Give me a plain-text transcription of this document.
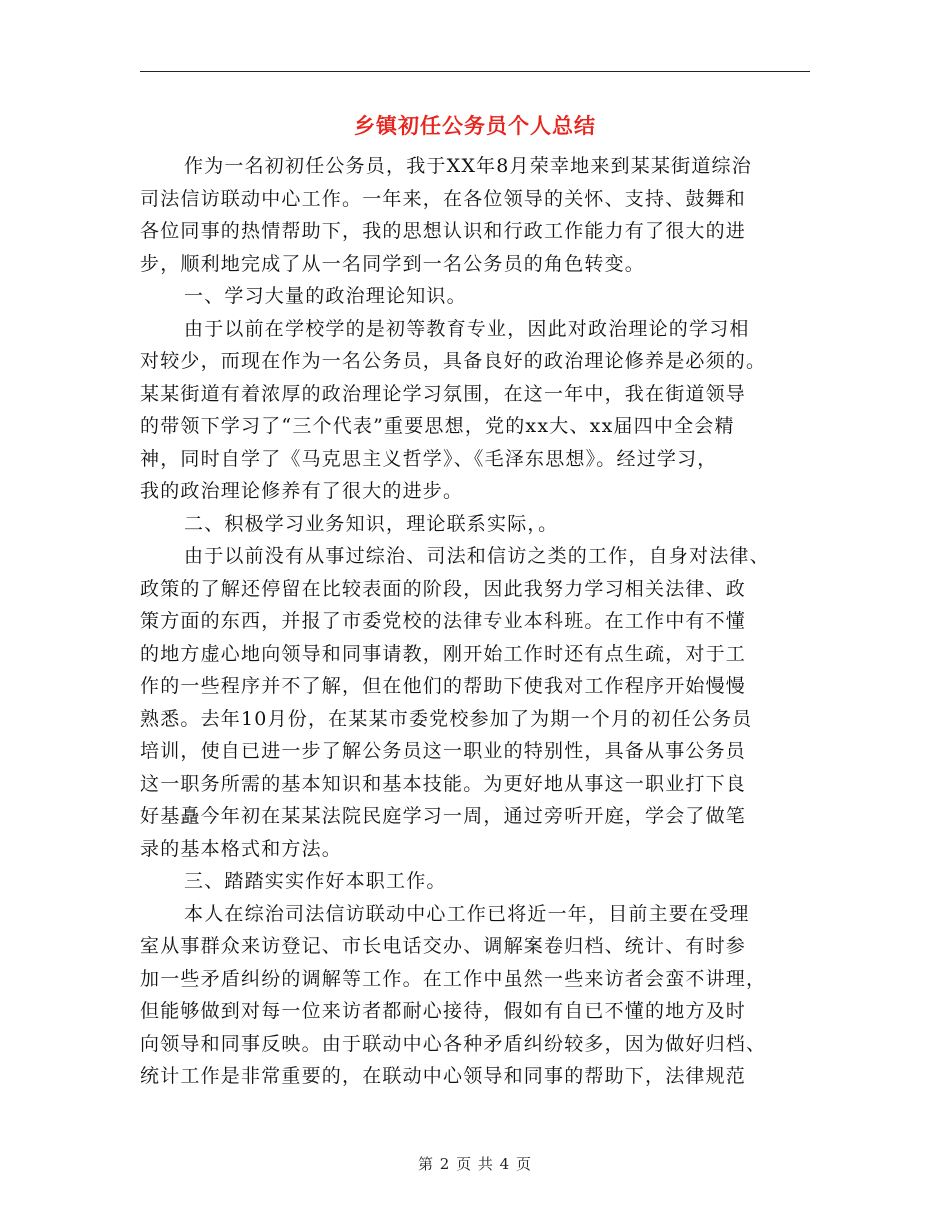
乡镇初任公务员个人总结
作为一名初初任公务员，我于XX年8月荣幸地来到某某街道综治
司法信访联动中心工作。一年来，在各位领导的关怀、支持、鼓舞和
各位同事的热情帮助下，我的思想认识和行政工作能力有了很大的进
步，顺利地完成了从一名同学到一名公务员的角色转变。
一、学习大量的政治理论知识。
由于以前在学校学的是初等教育专业，因此对政治理论的学习相
对较少，而现在作为一名公务员，具备良好的政治理论修养是必须的。
某某街道有着浓厚的政治理论学习氛围，在这一年中，我在街道领导
的带领下学习了“三个代表”重要思想，党的xx大、xx届四中全会精
神，同时自学了《马克思主义哲学》、《毛泽东思想》。经过学习，
我的政治理论修养有了很大的进步。
二、积极学习业务知识，理论联系实际，。
由于以前没有从事过综治、司法和信访之类的工作，自身对法律、
政策的了解还停留在比较表面的阶段，因此我努力学习相关法律、政
策方面的东西，并报了市委党校的法律专业本科班。在工作中有不懂
的地方虚心地向领导和同事请教，刚开始工作时还有点生疏，对于工
作的一些程序并不了解，但在他们的帮助下使我对工作程序开始慢慢
熟悉。去年10月份，在某某市委党校参加了为期一个月的初任公务员
培训，使自已进一步了解公务员这一职业的特别性，具备从事公务员
这一职务所需的基本知识和基本技能。为更好地从事这一职业打下良
好基矗今年初在某某法院民庭学习一周，通过旁听开庭，学会了做笔
录的基本格式和方法。
三、踏踏实实作好本职工作。
本人在综治司法信访联动中心工作已将近一年，目前主要在受理
室从事群众来访登记、市长电话交办、调解案卷归档、统计、有时参
加一些矛盾纠纷的调解等工作。在工作中虽然一些来访者会蛮不讲理，
但能够做到对每一位来访者都耐心接待，假如有自已不懂的地方及时
向领导和同事反映。由于联动中心各种矛盾纠纷较多，因为做好归档、
统计工作是非常重要的，在联动中心领导和同事的帮助下，法律规范
第 2 页 共 4 页
